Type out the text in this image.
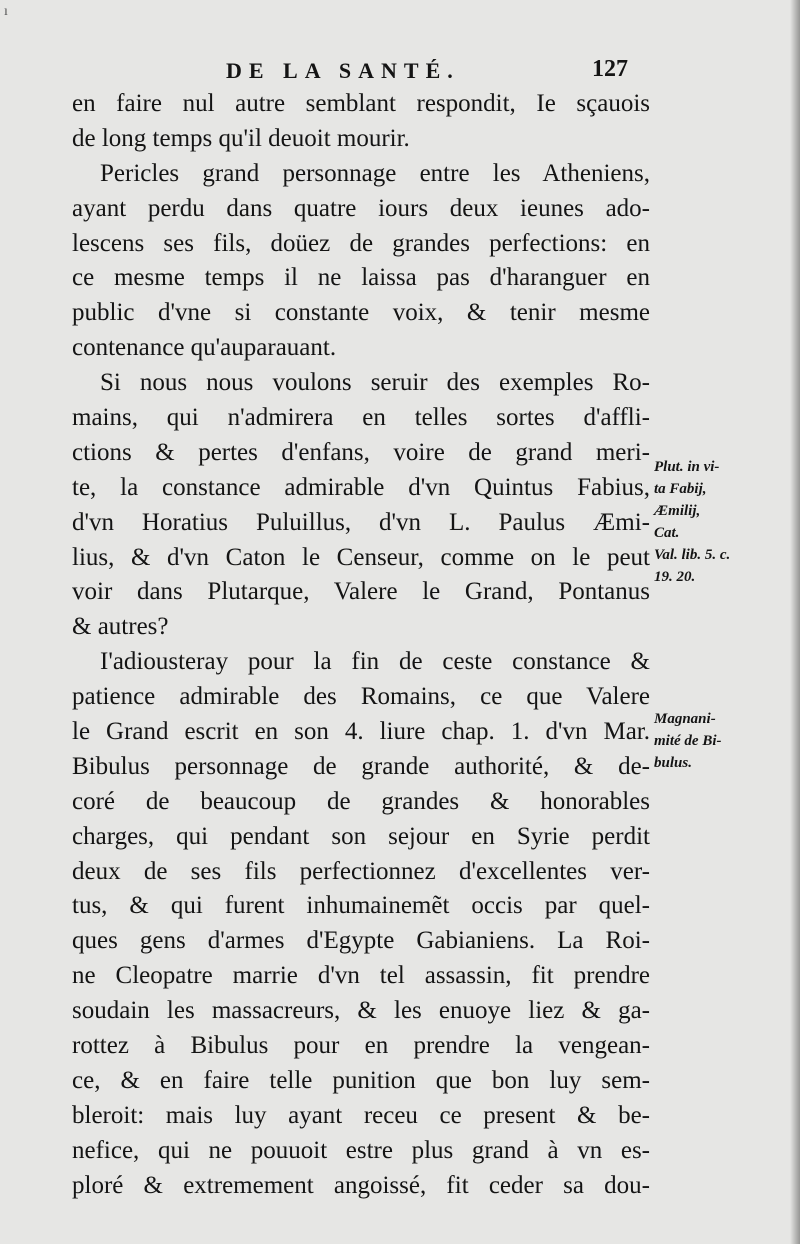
ı
DE LA SANTÉ.	127
en faire nul autre semblant respondit, Ie sçauois
de long temps qu'il deuoit mourir.
Pericles grand personnage entre les Atheniens,
ayant perdu dans quatre iours deux ieunes ado-
lescens ses fils, doüez de grandes perfections: en
ce mesme temps il ne laissa pas d'haranguer en
public d'vne si constante voix, & tenir mesme
contenance qu'auparauant.
Si nous nous voulons seruir des exemples Ro-
mains, qui n'admirera en telles sortes d'affli-
ctions & pertes d'enfans, voire de grand meri-
te, la constance admirable d'vn Quintus Fabius,
d'vn Horatius Puluillus, d'vn L. Paulus Æmi-
lius, & d'vn Caton le Censeur, comme on le peut
voir dans Plutarque, Valere le Grand, Pontanus
& autres?
I'adiousteray pour la fin de ceste constance &
patience admirable des Romains, ce que Valere
le Grand escrit en son 4. liure chap. 1. d'vn Mar.
Bibulus personnage de grande authorité, & de-
coré de beaucoup de grandes & honorables
charges, qui pendant son sejour en Syrie perdit
deux de ses fils perfectionnez d'excellentes ver-
tus, & qui furent inhumainemẽt occis par quel-
ques gens d'armes d'Egypte Gabianiens. La Roi-
ne Cleopatre marrie d'vn tel assassin, fit prendre
soudain les massacreurs, & les enuoye liez & ga-
rottez à Bibulus pour en prendre la vengean-
ce, & en faire telle punition que bon luy sem-
bleroit: mais luy ayant receu ce present & be-
nefice, qui ne pouuoit estre plus grand à vn es-
ploré & extremement angoissé, fit ceder sa dou-
Plut. in vi-
ta Fabij,
Æmilij,
Cat.
Val. lib. 5. c.
19. 20.
Magnani-
mité de Bi-
bulus.
